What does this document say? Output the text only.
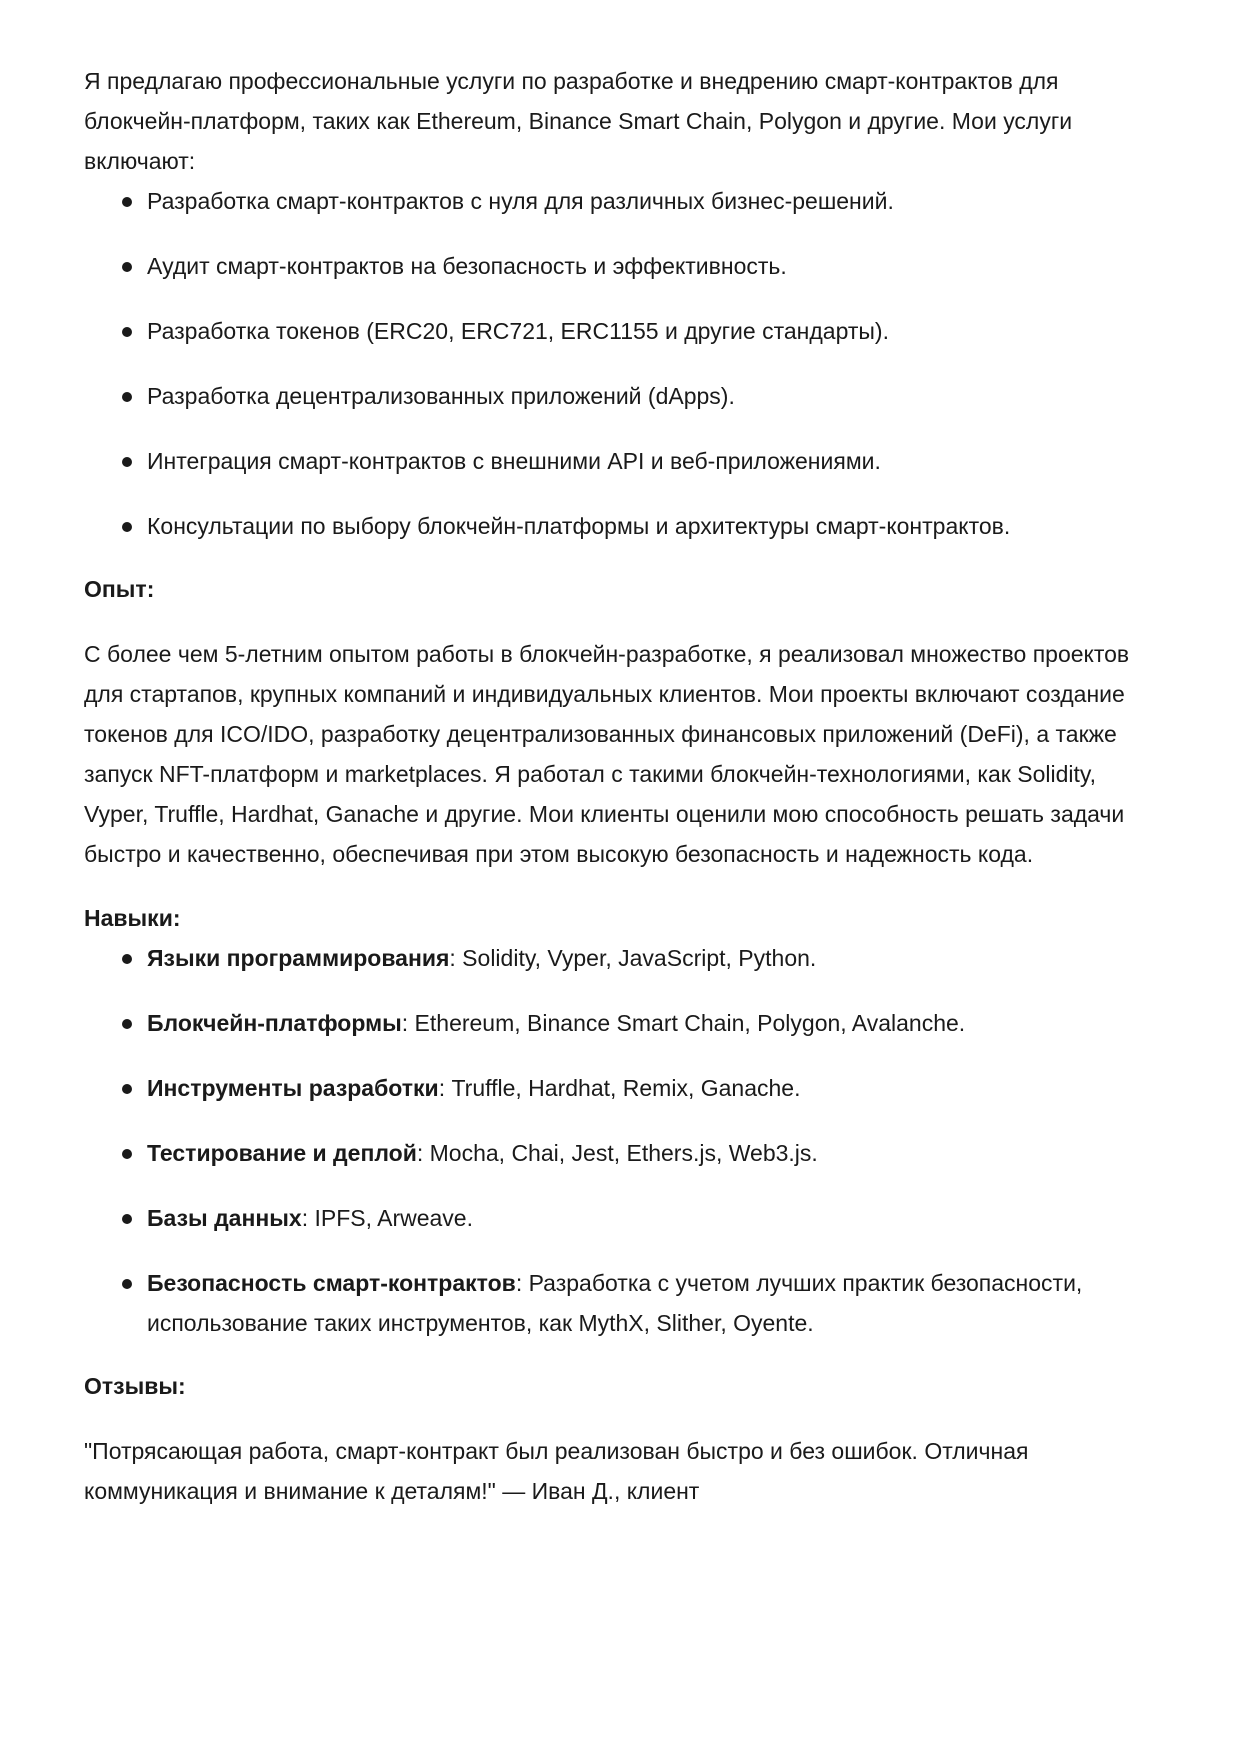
Я предлагаю профессиональные услуги по разработке и внедрению смарт-контрактов для блокчейн-платформ, таких как Ethereum, Binance Smart Chain, Polygon и другие. Мои услуги включают:

Разработка смарт-контрактов с нуля для различных бизнес-решений.
Аудит смарт-контрактов на безопасность и эффективность.
Разработка токенов (ERC20, ERC721, ERC1155 и другие стандарты).
Разработка децентрализованных приложений (dApps).
Интеграция смарт-контрактов с внешними API и веб-приложениями.
Консультации по выбору блокчейн-платформы и архитектуры смарт-контрактов.

Опыт:

С более чем 5-летним опытом работы в блокчейн-разработке, я реализовал множество проектов для стартапов, крупных компаний и индивидуальных клиентов. Мои проекты включают создание токенов для ICO/IDO, разработку децентрализованных финансовых приложений (DeFi), а также запуск NFT-платформ и marketplaces. Я работал с такими блокчейн-технологиями, как Solidity, Vyper, Truffle, Hardhat, Ganache и другие. Мои клиенты оценили мою способность решать задачи быстро и качественно, обеспечивая при этом высокую безопасность и надежность кода.

Навыки:

Языки программирования: Solidity, Vyper, JavaScript, Python.
Блокчейн-платформы: Ethereum, Binance Smart Chain, Polygon, Avalanche.
Инструменты разработки: Truffle, Hardhat, Remix, Ganache.
Тестирование и деплой: Mocha, Chai, Jest, Ethers.js, Web3.js.
Базы данных: IPFS, Arweave.
Безопасность смарт-контрактов: Разработка с учетом лучших практик безопасности, использование таких инструментов, как MythX, Slither, Oyente.

Отзывы:

"Потрясающая работа, смарт-контракт был реализован быстро и без ошибок. Отличная коммуникация и внимание к деталям!" — Иван Д., клиент
